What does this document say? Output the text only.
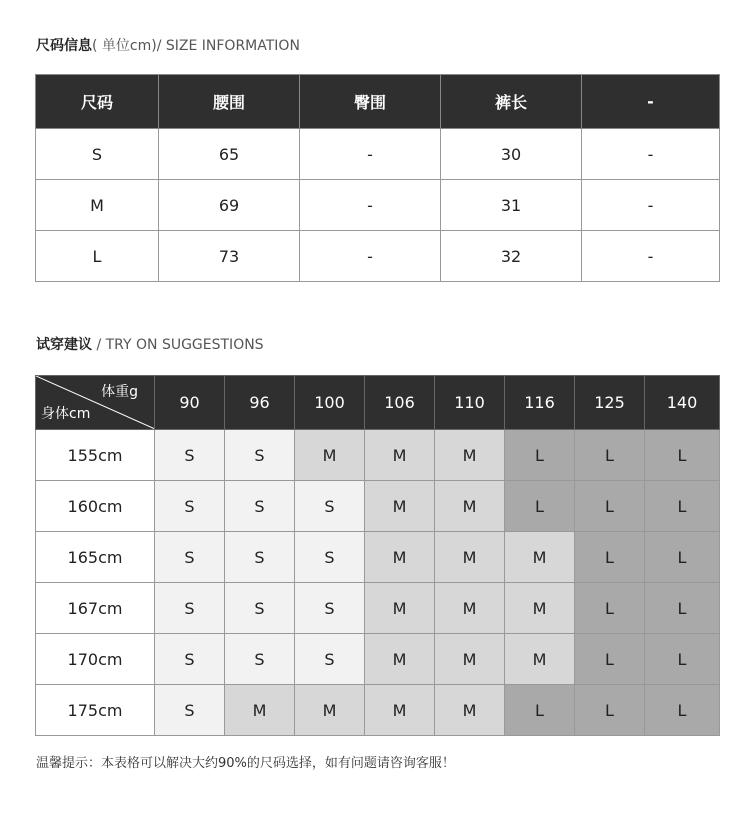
尺码信息( 单位cm)/ SIZE INFORMATION
尺码	腰围	臀围	裤长	-
S	65	-	30	-
M	69	-	31	-
L	73	-	32	-
试穿建议 / TRY ON SUGGESTIONS
体重g
身体cm	90	96	100	106	110	116	125	140
155cm	S	S	M	M	M	L	L	L
160cm	S	S	S	M	M	L	L	L
165cm	S	S	S	M	M	M	L	L
167cm	S	S	S	M	M	M	L	L
170cm	S	S	S	M	M	M	L	L
175cm	S	M	M	M	M	L	L	L
温馨提示：本表格可以解决大约90%的尺码选择，如有问题请咨询客服！
